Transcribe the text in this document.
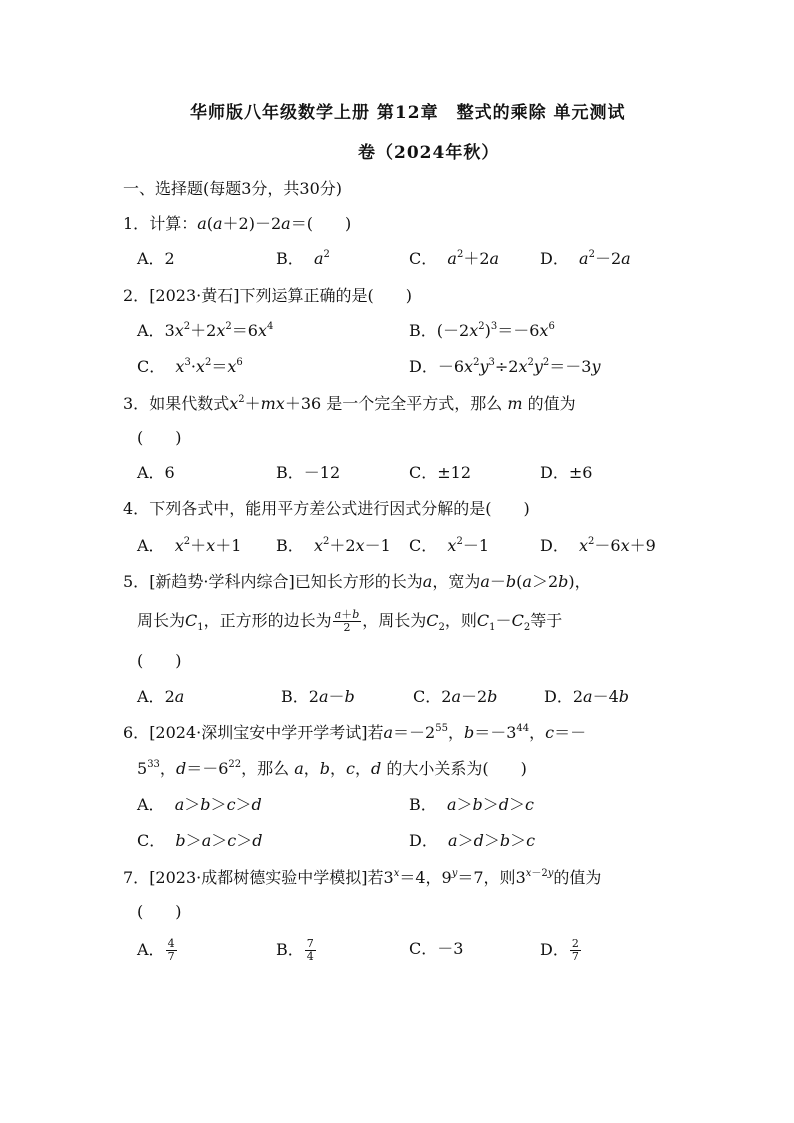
华师版八年级数学上册 第12章　整式的乘除 单元测试
卷（2024年秋）
一、选择题(每题3分，共30分)
1．计算：a(a＋2)－2a＝(　　)
A．2	B． $a^2$	C． $a^2+2a$	D． $a^2-2a$
2．[2023·黄石]下列运算正确的是(　　)
A．$3x^2+2x^2=6x^4$	B．$(-2x^2)^3=-6x^6$
C． $x^3\cdot x^2=x^6$	D．$-6x^2y^3\div 2x^2y^2=-3y$
3．如果代数式$x^2+mx+36$ 是一个完全平方式，那么 m 的值为
(　　)
A．6	B．－12	C．±12	D．±6
4．下列各式中，能用平方差公式进行因式分解的是(　　)
A． $x^2+x+1$ B． $x^2+2x-1$ C． $x^2-1$	D． $x^2-6x+9$
5．[新趋势·学科内综合]已知长方形的长为a，宽为a－b(a＞2b)，
周长为$C_1$，正方形的边长为 $\frac{a+b}{2}$ ，周长为$C_2$，则$C_1-C_2$等于
(　　)
A．2a	B．2a－b	C．2a－2b	D．2a－4b
6．[2024·深圳宝安中学开学考试]若$a=-2^{55}$，$b=-3^{44}$，c＝－
$5^{33}$，$d=-6^{22}$，那么 a，b，c，d 的大小关系为(　　)
A． a＞b＞c＞d	B． a＞b＞d＞c
C． b＞a＞c＞d	D． a＞d＞b＞c
7．[2023·成都树德实验中学模拟]若$3^x=4$，$9^y=7$，则$3^{x-2y}$的值为
(　　)
A． $\frac{4}{7}$	B． $\frac{7}{4}$	C．－3	D． $\frac{2}{7}$
